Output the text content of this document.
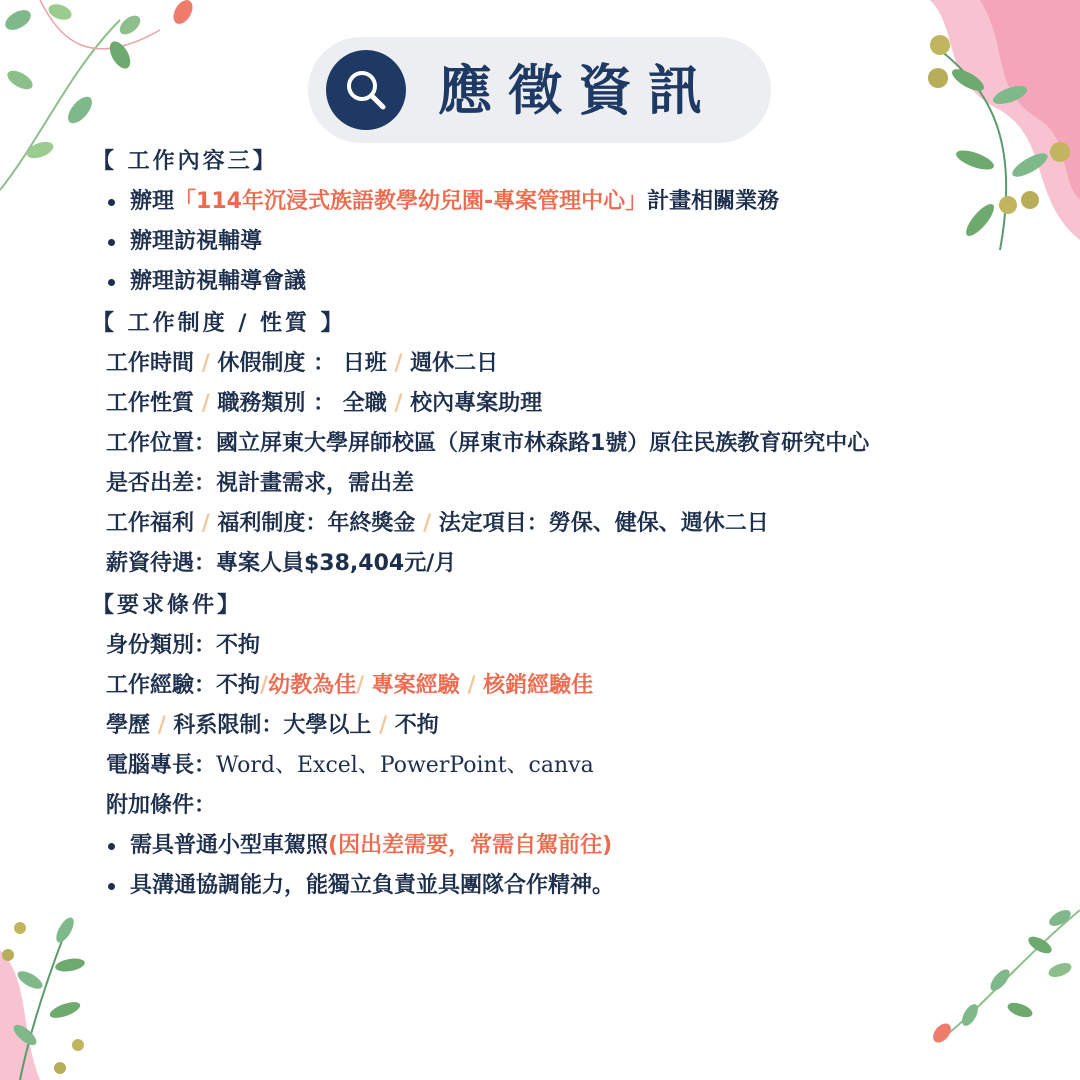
應徵資訊
【 工作內容三】
辦理「114年沉浸式族語教學幼兒園-專案管理中心」計畫相關業務
辦理訪視輔導
辦理訪視輔導會議
【 工作制度 / 性質 】
工作時間 / 休假制度 ： 日班 / 週休二日
工作性質 / 職務類別 ： 全職 / 校內專案助理
工作位置：國立屏東大學屏師校區（屏東市林森路1號）原住民族教育研究中心
是否出差：視計畫需求，需出差
工作福利 / 福利制度：年終獎金 / 法定項目：勞保、健保、週休二日
薪資待遇：專案人員$38,404元/月
【要求條件】
身份類別：不拘
工作經驗：不拘/幼教為佳/ 專案經驗 / 核銷經驗佳
學歷 / 科系限制：大學以上 / 不拘
電腦專長：Word、Excel、PowerPoint、canva
附加條件：
需具普通小型車駕照(因出差需要，常需自駕前往)
具溝通協調能力，能獨立負責並具團隊合作精神。
